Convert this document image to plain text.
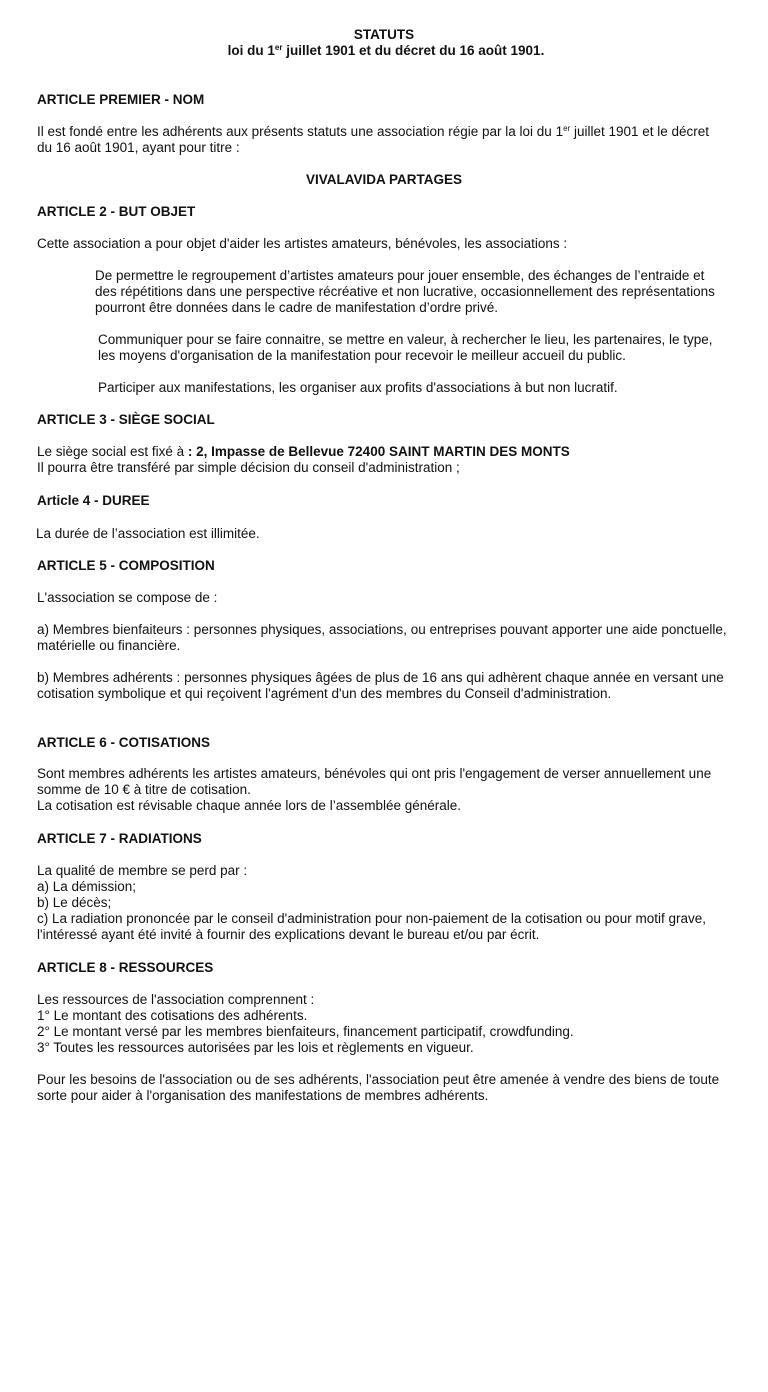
STATUTS

loi du 1er juillet 1901 et du décret du 16 août 1901.

ARTICLE PREMIER - NOM
Il est fondé entre les adhérents aux présents statuts une association régie par la loi du 1er juillet 1901 et le décret du 16 août 1901, ayant pour titre :
VIVALAVIDA PARTAGES
ARTICLE 2 - BUT OBJET
Cette association a pour objet d'aider les artistes amateurs, bénévoles, les associations :
De permettre le regroupement d’artistes amateurs pour jouer ensemble, des échanges de l’entraide et des répétitions dans une perspective récréative et non lucrative, occasionnellement des représentations pourront être données dans le cadre de manifestation d’ordre privé.
Communiquer pour se faire connaitre, se mettre en valeur, à rechercher le lieu, les partenaires, le type, les moyens d'organisation de la manifestation pour recevoir le meilleur accueil du public.
Participer aux manifestations, les organiser aux profits d'associations à but non lucratif.
ARTICLE 3 - SIÈGE SOCIAL
Le siège social est fixé à : 2, Impasse de Bellevue 72400 SAINT MARTIN DES MONTS
Il pourra être transféré par simple décision du conseil d'administration ;
Article 4 - DUREE
La durée de l’association est illimitée.
ARTICLE 5 - COMPOSITION
L'association se compose de :
a) Membres bienfaiteurs : personnes physiques, associations, ou entreprises pouvant apporter une aide ponctuelle, matérielle ou financière.
b) Membres adhérents : personnes physiques âgées de plus de 16 ans qui adhèrent chaque année en versant une cotisation symbolique et qui reçoivent l'agrément d'un des membres du Conseil d'administration.
ARTICLE 6 - COTISATIONS
Sont membres adhérents les artistes amateurs, bénévoles qui ont pris l'engagement de verser annuellement une somme de 10 € à titre de cotisation.
La cotisation est révisable chaque année lors de l’assemblée générale.
ARTICLE 7 - RADIATIONS
La qualité de membre se perd par :
a) La démission;
b) Le décès;
c) La radiation prononcée par le conseil d'administration pour non-paiement de la cotisation ou pour motif grave, l'intéressé ayant été invité à fournir des explications devant le bureau et/ou par écrit.
ARTICLE 8 - RESSOURCES
Les ressources de l'association comprennent :
1° Le montant des cotisations des adhérents.
2° Le montant versé par les membres bienfaiteurs, financement participatif, crowdfunding.
3° Toutes les ressources autorisées par les lois et règlements en vigueur.
Pour les besoins de l'association ou de ses adhérents, l'association peut être amenée à vendre des biens de toute sorte pour aider à l'organisation des manifestations de membres adhérents.
